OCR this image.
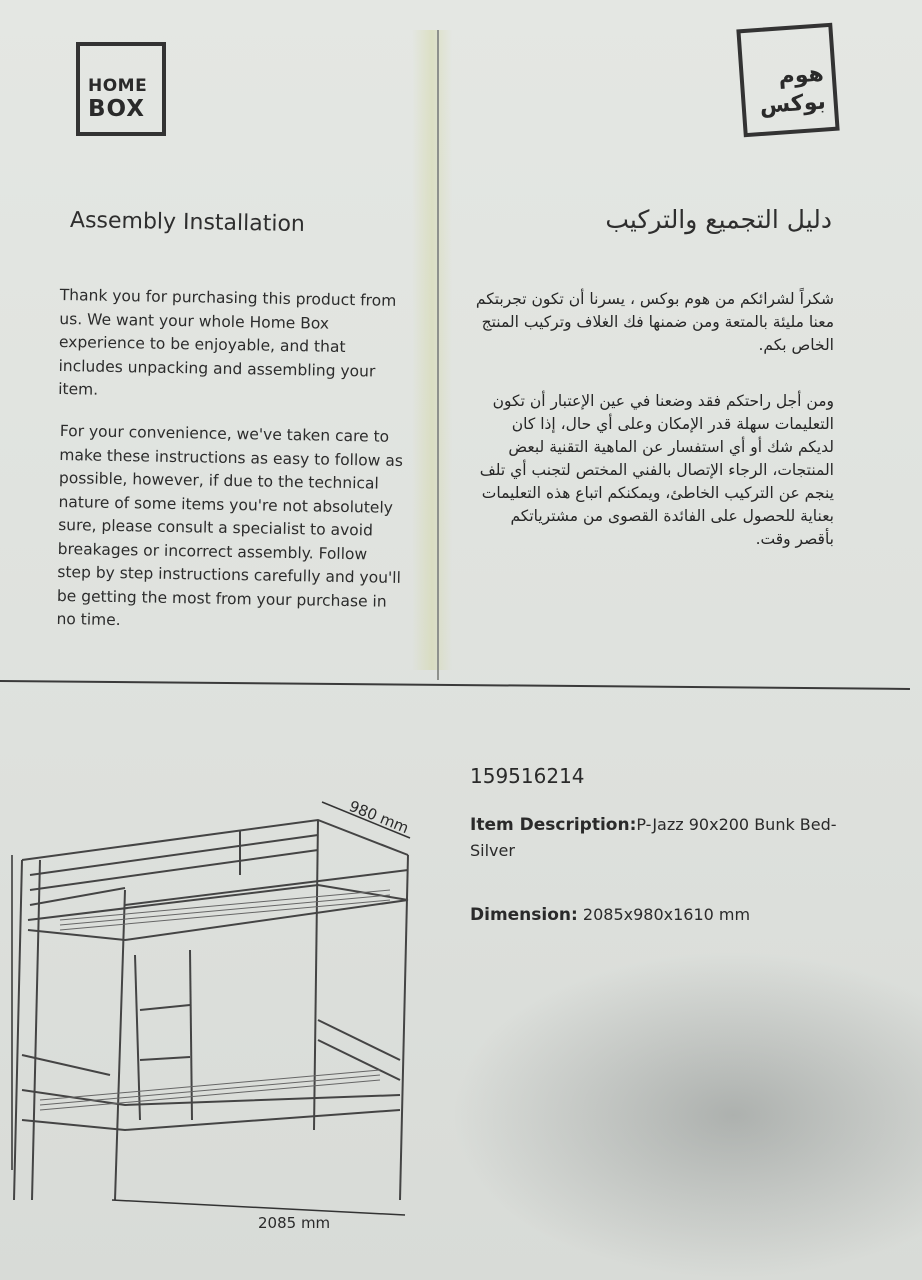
HOME
BOX
هوم
بوكس
Assembly Installation	دليل التجميع والتركيب
Thank you for purchasing this product from us. We want your whole Home Box experience to be enjoyable, and that includes unpacking and assembling your item.
For your convenience, we've taken care to make these instructions as easy to follow as possible, however, if due to the technical nature of some items you're not absolutely sure, please consult a specialist to avoid breakages or incorrect assembly. Follow step by step instructions carefully and you'll be getting the most from your purchase in no time.
شكراً لشرائكم من هوم بوكس ، يسرنا أن تكون تجربتكم معنا مليئة بالمتعة ومن ضمنها فك الغلاف وتركيب المنتج الخاص بكم.
ومن أجل راحتكم فقد وضعنا في عين الإعتبار أن تكون التعليمات سهلة قدر الإمكان وعلى أي حال، إذا كان لديكم شك أو أي استفسار عن الماهية التقنية لبعض المنتجات، الرجاء الإتصال بالفني المختص لتجنب أي تلف ينجم عن التركيب الخاطئ، ويمكنكم اتباع هذه التعليمات بعناية للحصول على الفائدة القصوى من مشترياتكم بأقصر وقت.
159516214
Item Description:P-Jazz 90x200 Bunk Bed-Silver
Dimension: 2085x980x1610 mm
980 mm
2085 mm
